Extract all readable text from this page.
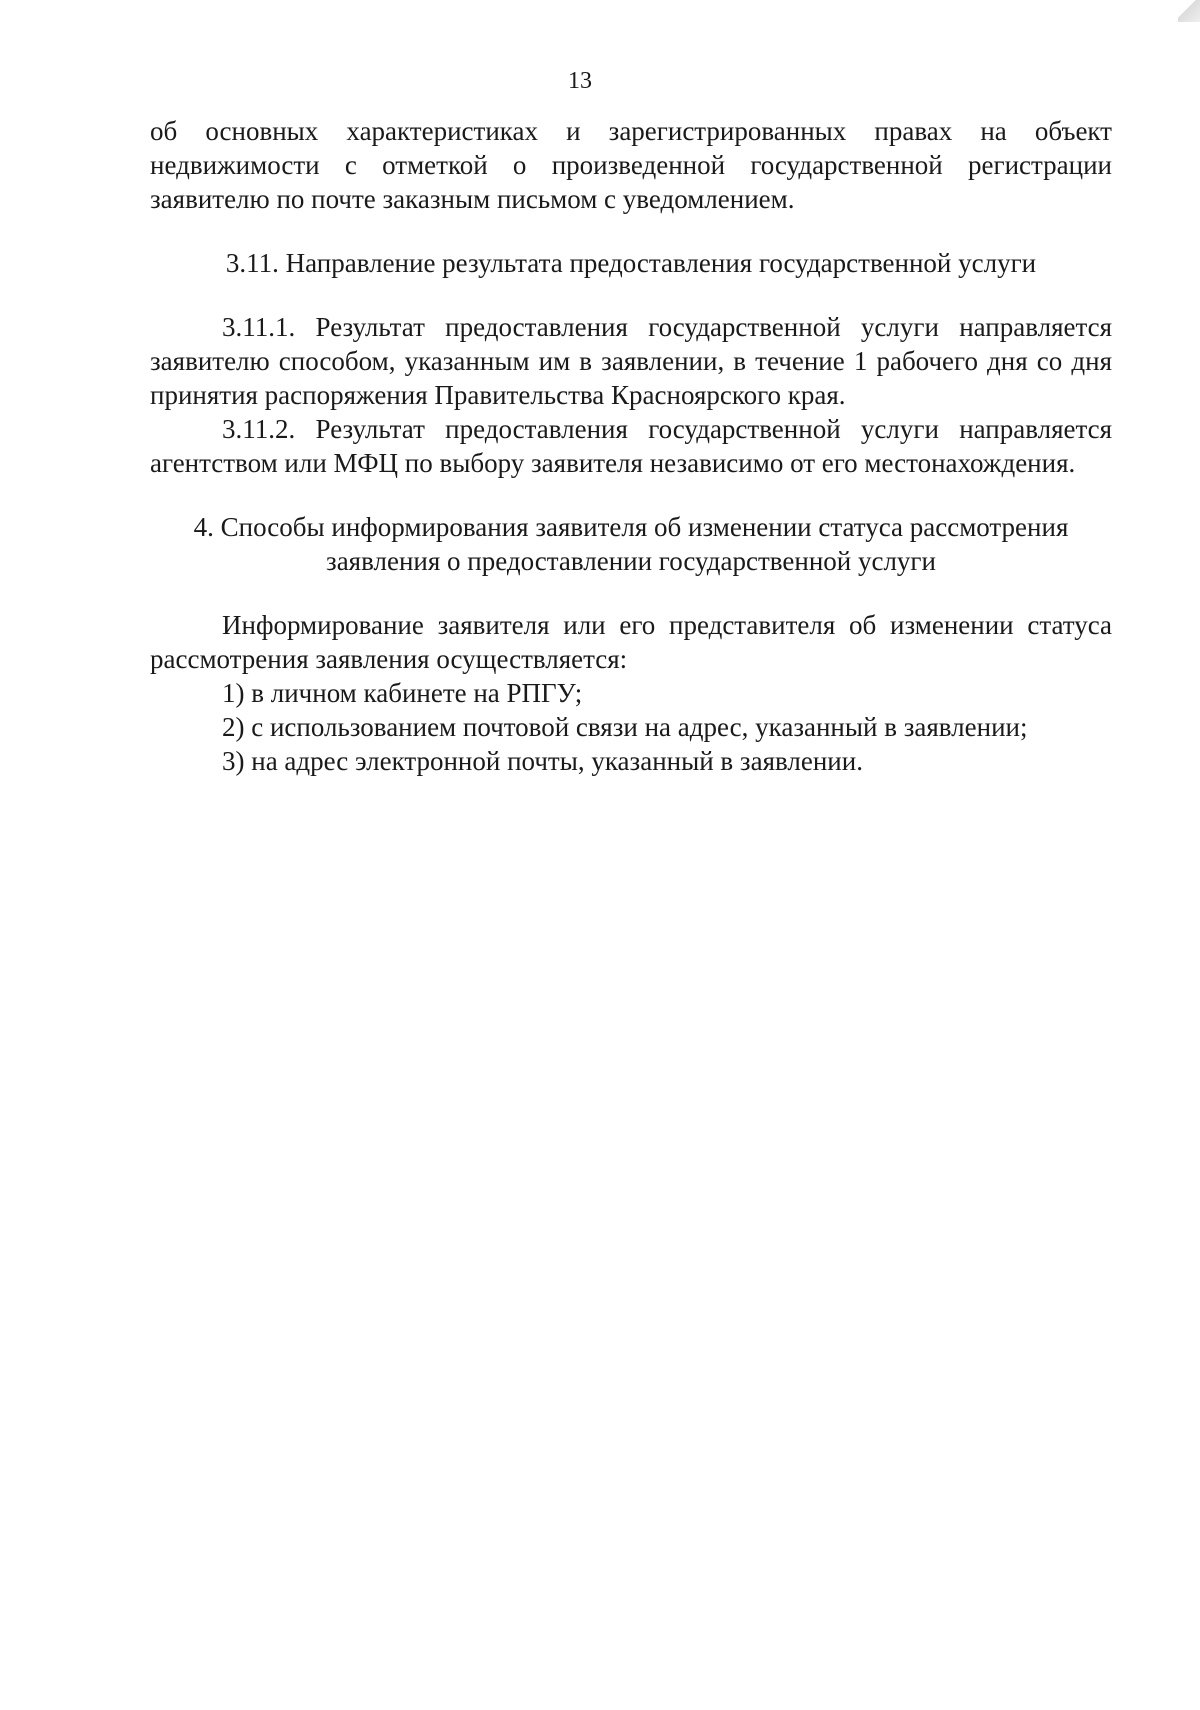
13

об основных характеристиках и зарегистрированных правах на объект недвижимости с отметкой о произведенной государственной регистрации заявителю по почте заказным письмом с уведомлением.

3.11. Направление результата предоставления государственной услуги

3.11.1. Результат предоставления государственной услуги направляется заявителю способом, указанным им в заявлении, в течение 1 рабочего дня со дня принятия распоряжения Правительства Красноярского края.

3.11.2. Результат предоставления государственной услуги направляется агентством или МФЦ по выбору заявителя независимо от его местонахождения.

4. Способы информирования заявителя об изменении статуса рассмотрения

заявления о предоставлении государственной услуги

Информирование заявителя или его представителя об изменении статуса рассмотрения заявления осуществляется:

1) в личном кабинете на РПГУ;

2) с использованием почтовой связи на адрес, указанный в заявлении;

3) на адрес электронной почты, указанный в заявлении.
